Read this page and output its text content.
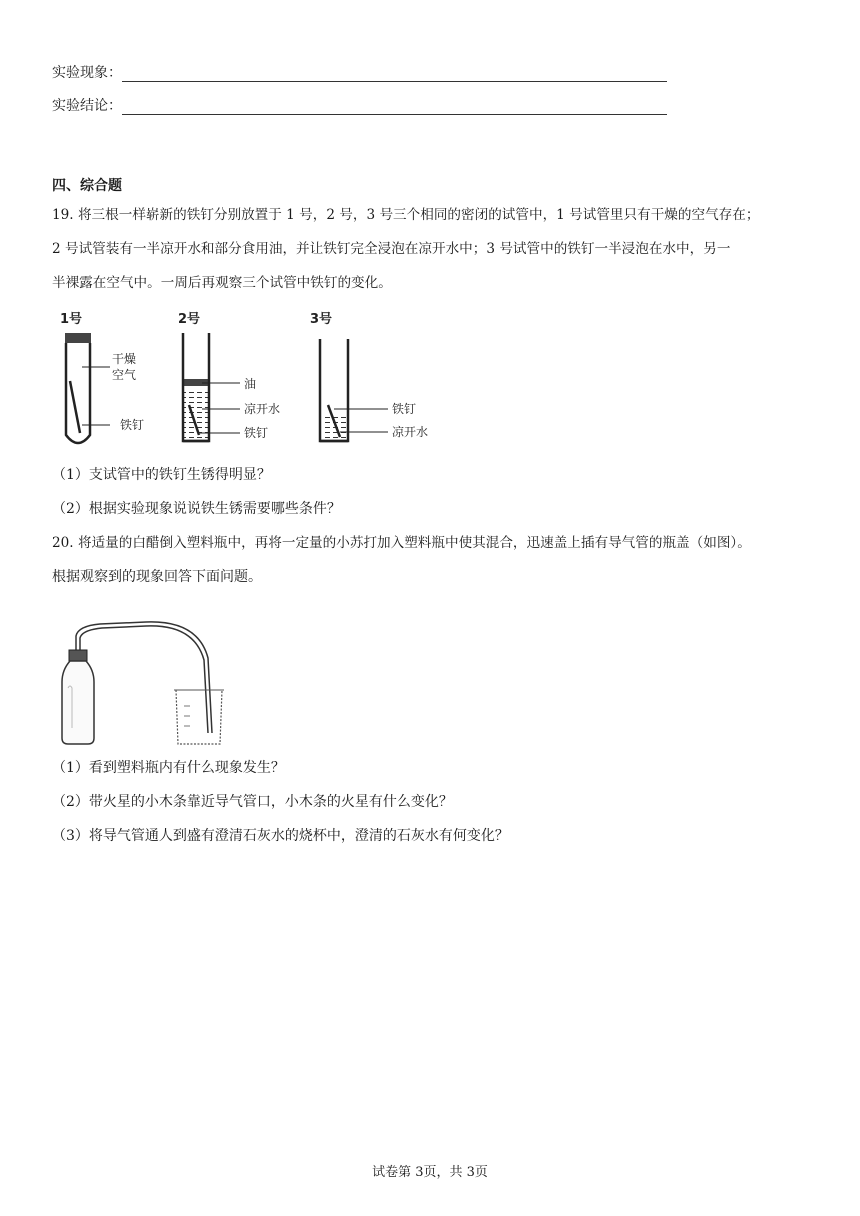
实验现象：
实验结论：
四、综合题
19. 将三根一样崭新的铁钉分别放置于 1 号，2 号，3 号三个相同的密闭的试管中，1 号试管里只有干燥的空气存在；
2 号试管装有一半凉开水和部分食用油，并让铁钉完全浸泡在凉开水中；3 号试管中的铁钉一半浸泡在水中，另一
半裸露在空气中。一周后再观察三个试管中铁钉的变化。
1号
干燥
空气
铁钉
2号
油
凉开水
铁钉
3号
铁钉
凉开水
（1）支试管中的铁钉生锈得明显？
（2）根据实验现象说说铁生锈需要哪些条件？
20. 将适量的白醋倒入塑料瓶中，再将一定量的小苏打加入塑料瓶中使其混合，迅速盖上插有导气管的瓶盖（如图）。
根据观察到的现象回答下面问题。
（1）看到塑料瓶内有什么现象发生？
（2）带火星的小木条靠近导气管口，小木条的火星有什么变化？
（3）将导气管通人到盛有澄清石灰水的烧杯中，澄清的石灰水有何变化？
试卷第 3页，共 3页
